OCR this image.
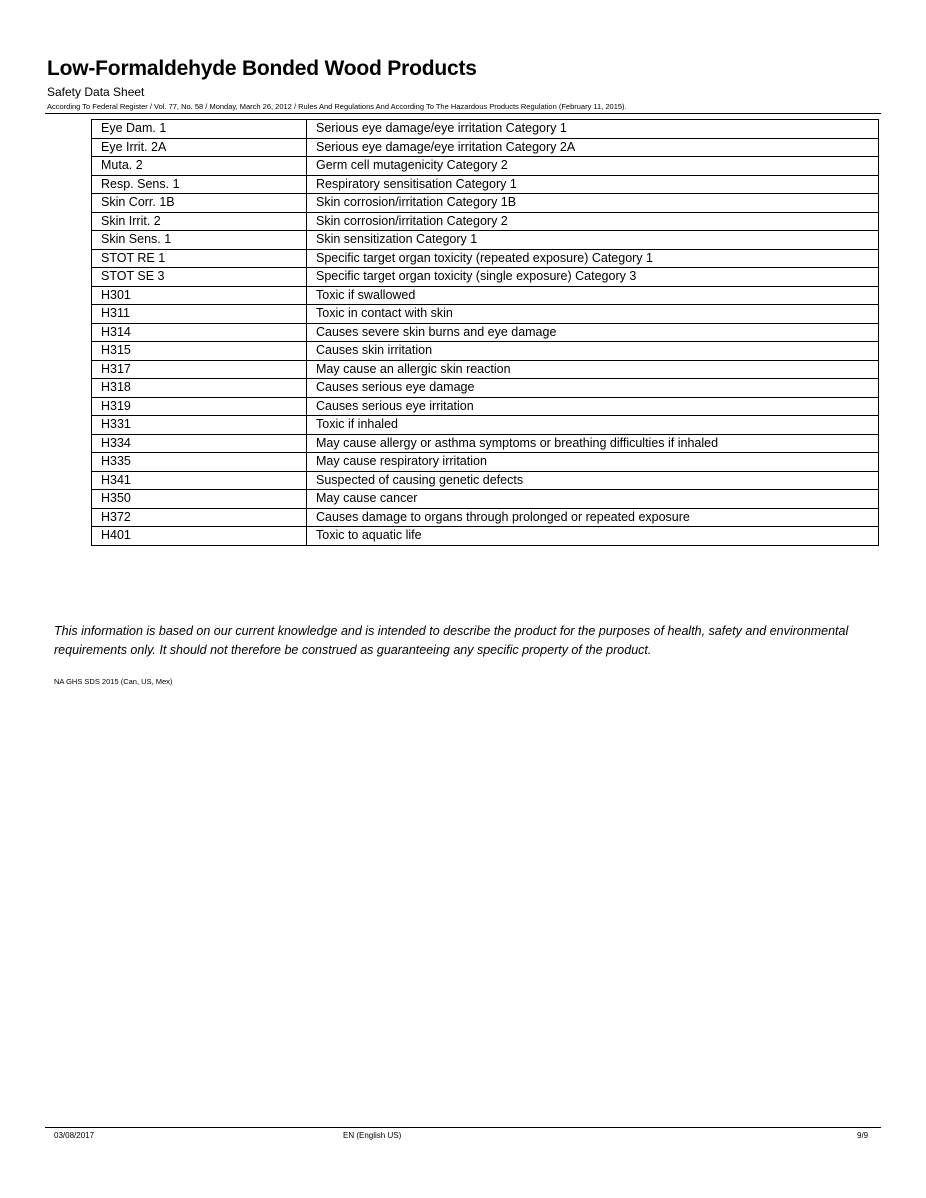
Low-Formaldehyde Bonded Wood Products
Safety Data Sheet
According To Federal Register / Vol. 77, No. 58 / Monday, March 26, 2012 / Rules And Regulations And According To The Hazardous Products Regulation (February 11, 2015).
Eye Dam. 1	Serious eye damage/eye irritation Category 1
Eye Irrit. 2A	Serious eye damage/eye irritation Category 2A
Muta. 2	Germ cell mutagenicity Category 2
Resp. Sens. 1	Respiratory sensitisation Category 1
Skin Corr. 1B	Skin corrosion/irritation Category 1B
Skin Irrit. 2	Skin corrosion/irritation Category 2
Skin Sens. 1	Skin sensitization Category 1
STOT RE 1	Specific target organ toxicity (repeated exposure) Category 1
STOT SE 3	Specific target organ toxicity (single exposure) Category 3
H301	Toxic if swallowed
H311	Toxic in contact with skin
H314	Causes severe skin burns and eye damage
H315	Causes skin irritation
H317	May cause an allergic skin reaction
H318	Causes serious eye damage
H319	Causes serious eye irritation
H331	Toxic if inhaled
H334	May cause allergy or asthma symptoms or breathing difficulties if inhaled
H335	May cause respiratory irritation
H341	Suspected of causing genetic defects
H350	May cause cancer
H372	Causes damage to organs through prolonged or repeated exposure
H401	Toxic to aquatic life
This information is based on our current knowledge and is intended to describe the product for the purposes of health, safety and environmental requirements only. It should not therefore be construed as guaranteeing any specific property of the product.
NA GHS SDS 2015 (Can, US, Mex)
03/08/2017	EN (English US)	9/9
